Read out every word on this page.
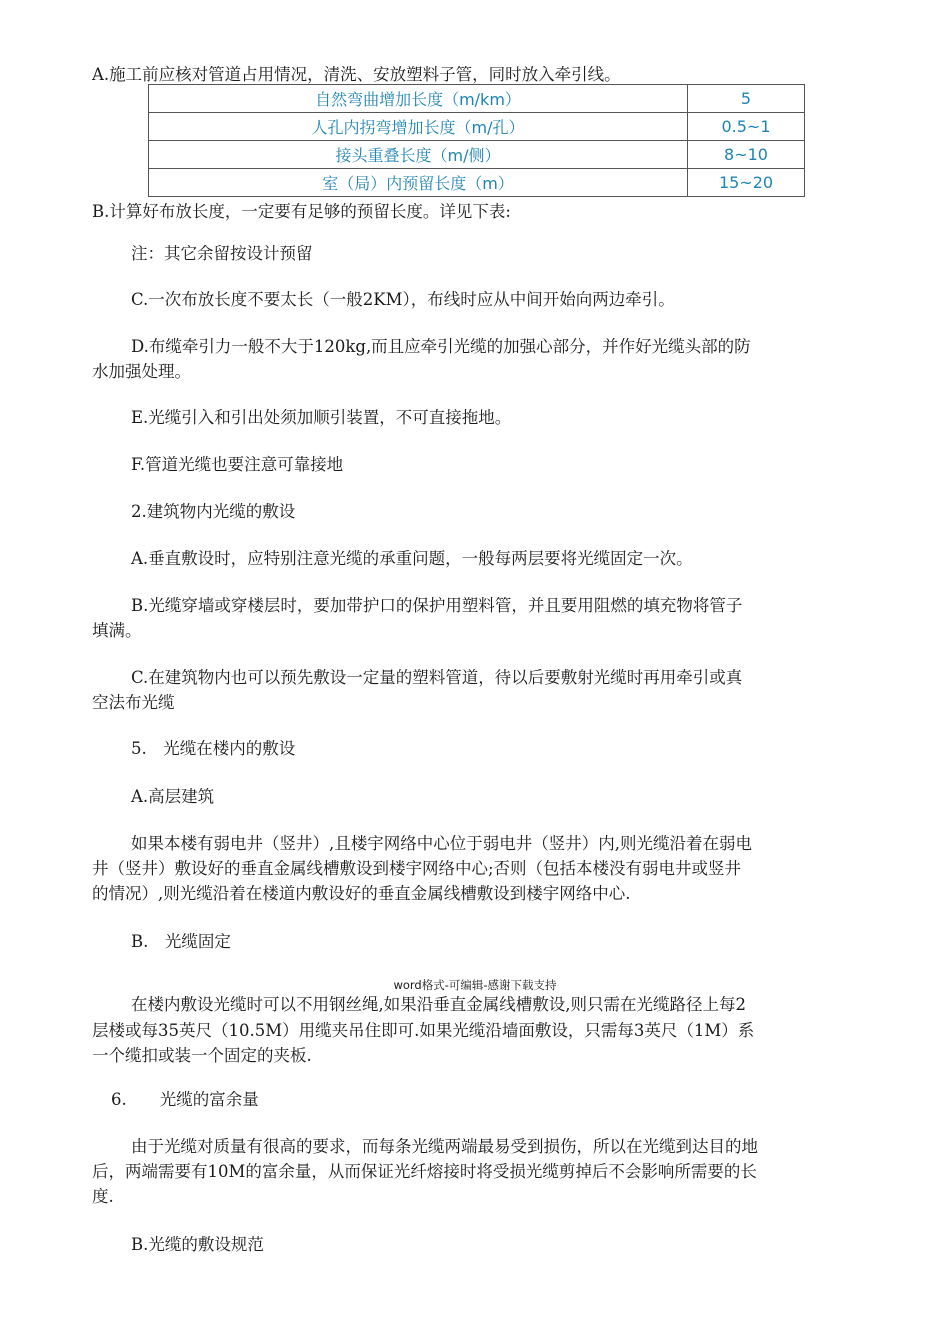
A.施工前应核对管道占用情况，清洗、安放塑料子管，同时放入牵引线。
自然弯曲增加长度（m/km）	5
人孔内拐弯增加长度（m/孔）	0.5~1
接头重叠长度（m/侧）	8~10
室（局）内预留长度（m）	15~20
B.计算好布放长度，一定要有足够的预留长度。详见下表:
注：其它余留按设计预留
C.一次布放长度不要太长（一般2KM），布线时应从中间开始向两边牵引。
D.布缆牵引力一般不大于120kg,而且应牵引光缆的加强心部分，并作好光缆头部的防
水加强处理。
E.光缆引入和引出处须加顺引装置，不可直接拖地。
F.管道光缆也要注意可靠接地
2.建筑物内光缆的敷设
A.垂直敷设时，应特别注意光缆的承重问题，一般每两层要将光缆固定一次。
B.光缆穿墙或穿楼层时，要加带护口的保护用塑料管，并且要用阻燃的填充物将管子
填满。
C.在建筑物内也可以预先敷设一定量的塑料管道，待以后要敷射光缆时再用牵引或真
空法布光缆
5.　光缆在楼内的敷设
A.高层建筑
如果本楼有弱电井（竖井）,且楼宇网络中心位于弱电井（竖井）内,则光缆沿着在弱电
井（竖井）敷设好的垂直金属线槽敷设到楼宇网络中心;否则（包括本楼没有弱电井或竖井
的情况）,则光缆沿着在楼道内敷设好的垂直金属线槽敷设到楼宇网络中心.
B.　光缆固定
word格式-可编辑-感谢下载支持
在楼内敷设光缆时可以不用钢丝绳,如果沿垂直金属线槽敷设,则只需在光缆路径上每2
层楼或每35英尺（10.5M）用缆夹吊住即可.如果光缆沿墙面敷设，只需每3英尺（1M）系
一个缆扣或装一个固定的夹板.
6.　　光缆的富余量
由于光缆对质量有很高的要求，而每条光缆两端最易受到损伤，所以在光缆到达目的地
后，两端需要有10M的富余量，从而保证光纤熔接时将受损光缆剪掉后不会影响所需要的长
度.
B.光缆的敷设规范
